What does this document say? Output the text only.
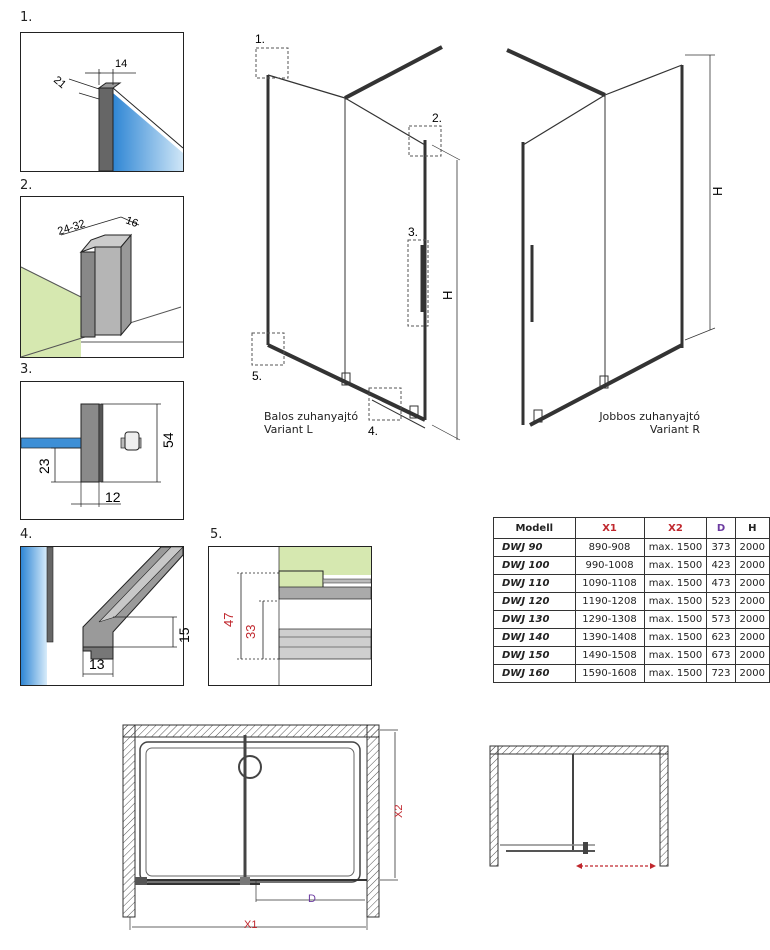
1.
2.
3.
4.	5.
21
14
24-32	16
54
23
12
15
13
47
33
1.
2.
3.
4.
5.
H
H
Balos zuhanyajtó
Variant L
Jobbos zuhanyajtó
Variant R
Modell	X1	X2	D	H
DWJ 90	890-908	max. 1500	373	2000
DWJ 100	990-1008	max. 1500	423	2000
DWJ 110	1090-1108	max. 1500	473	2000
DWJ 120	1190-1208	max. 1500	523	2000
DWJ 130	1290-1308	max. 1500	573	2000
DWJ 140	1390-1408	max. 1500	623	2000
DWJ 150	1490-1508	max. 1500	673	2000
DWJ 160	1590-1608	max. 1500	723	2000
X1
D
X2
